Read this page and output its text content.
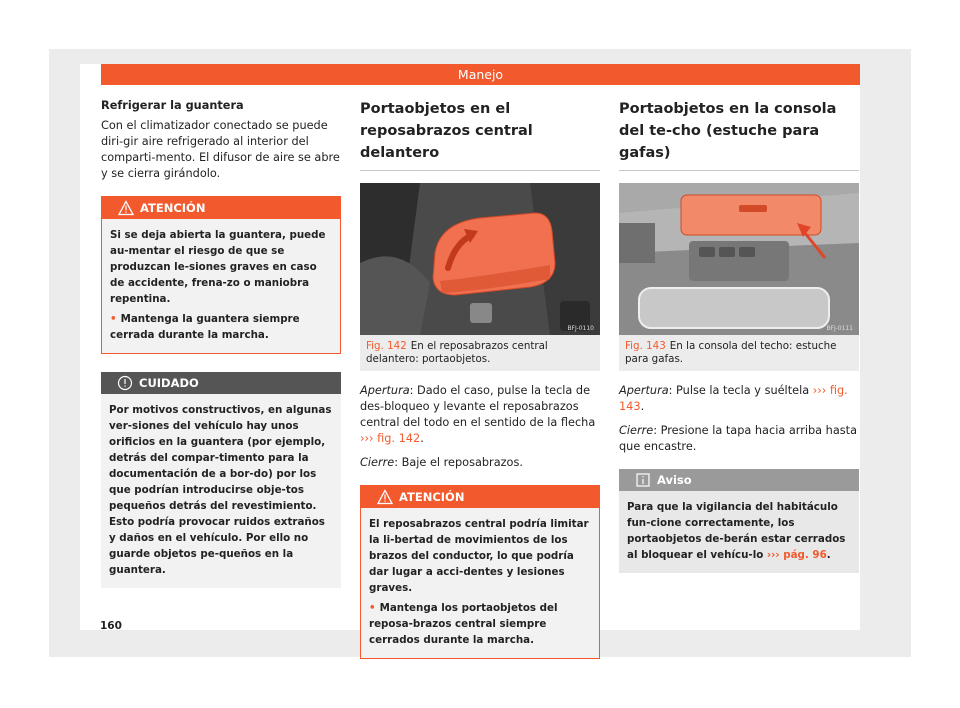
Manejo

Refrigerar la guantera

Con el climatizador conectado se puede diri-gir aire refrigerado al interior del comparti-mento. El difusor de aire se abre y se cierra girándolo.

ATENCIÓN

Si se deja abierta la guantera, puede au-mentar el riesgo de que se produzcan le-siones graves en caso de accidente, frena-zo o maniobra repentina.

• Mantenga la guantera siempre cerrada durante la marcha.

CUIDADO

Por motivos constructivos, en algunas ver-siones del vehículo hay unos orificios en la guantera (por ejemplo, detrás del compar-timento para la documentación de a bor-do) por los que podrían introducirse obje-tos pequeños detrás del revestimiento. Esto podría provocar ruidos extraños y daños en el vehículo. Por ello no guarde objetos pe-queños en la guantera.

Portaobjetos en el reposabrazos central delantero
BFJ-0110
Fig. 142 En el reposabrazos central delantero: portaobjetos.

Apertura: Dado el caso, pulse la tecla de des-bloqueo y levante el reposabrazos central del todo en el sentido de la flecha ››› fig. 142.

Cierre: Baje el reposabrazos.

ATENCIÓN

El reposabrazos central podría limitar la li-bertad de movimientos de los brazos del conductor, lo que podría dar lugar a acci-dentes y lesiones graves.

• Mantenga los portaobjetos del reposa-brazos central siempre cerrados durante la marcha.

Portaobjetos en la consola del te-cho (estuche para gafas)
BFJ-0111
Fig. 143 En la consola del techo: estuche para gafas.

Apertura: Pulse la tecla y suéltela ››› fig. 143.

Cierre: Presione la tapa hacia arriba hasta que encastre.

Aviso

Para que la vigilancia del habitáculo fun-cione correctamente, los portaobjetos de-berán estar cerrados al bloquear el vehícu-lo ››› pág. 96.

160
